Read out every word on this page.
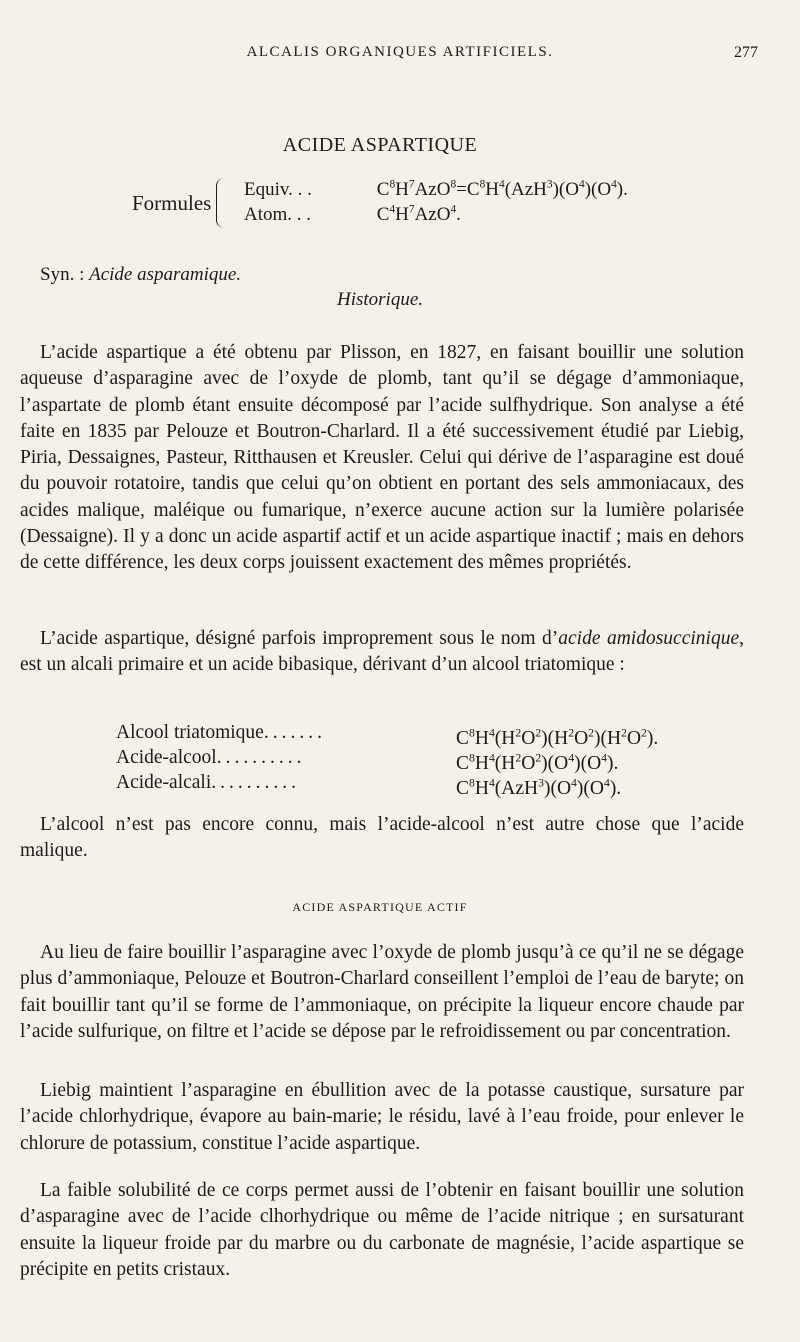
ALCALIS ORGANIQUES ARTIFICIELS.	277
ACIDE ASPARTIQUE
Formules
Equiv. . .	$C^8H^7AzO^8=C^8H^4(AzH^3)(O^4)(O^4)$.
Atom. . .	$C^4H^7AzO^4$.
Syn. : Acide asparamique.
Historique.

L’acide aspartique a été obtenu par Plisson, en 1827, en faisant bouillir une solution aqueuse d’asparagine avec de l’oxyde de plomb, tant qu’il se dégage d’ammoniaque, l’aspartate de plomb étant ensuite décomposé par l’acide sulfhydrique. Son analyse a été faite en 1835 par Pelouze et Boutron-Charlard. Il a été successivement étudié par Liebig, Piria, Dessaignes, Pasteur, Ritthausen et Kreusler. Celui qui dérive de l’asparagine est doué du pouvoir rotatoire, tandis que celui qu’on obtient en portant des sels ammoniacaux, des acides malique, maléique ou fumarique, n’exerce aucune action sur la lumière polarisée (Dessaigne). Il y a donc un acide aspartif actif et un acide aspartique inactif ; mais en dehors de cette différence, les deux corps jouissent exactement des mêmes propriétés.

L’acide aspartique, désigné parfois improprement sous le nom d’acide amidosuccinique, est un alcali primaire et un acide bibasique, dérivant d’un alcool triatomique :

Alcool triatomique.......	$C^8H^4(H^2O^2)(H^2O^2)(H^2O^2)$.
Acide-alcool..........	$C^8H^4(H^2O^2)(O^4)(O^4)$.
Acide-alcali..........	$C^8H^4(AzH^3)(O^4)(O^4)$.

L’alcool n’est pas encore connu, mais l’acide-alcool n’est autre chose que l’acide malique.

ACIDE ASPARTIQUE ACTIF

Au lieu de faire bouillir l’asparagine avec l’oxyde de plomb jusqu’à ce qu’il ne se dégage plus d’ammoniaque, Pelouze et Boutron-Charlard conseillent l’emploi de l’eau de baryte; on fait bouillir tant qu’il se forme de l’ammoniaque, on précipite la liqueur encore chaude par l’acide sulfurique, on filtre et l’acide se dépose par le refroidissement ou par concentration.

Liebig maintient l’asparagine en ébullition avec de la potasse caustique, sursature par l’acide chlorhydrique, évapore au bain-marie; le résidu, lavé à l’eau froide, pour enlever le chlorure de potassium, constitue l’acide aspartique.

La faible solubilité de ce corps permet aussi de l’obtenir en faisant bouillir une solution d’asparagine avec de l’acide clhorhydrique ou même de l’acide nitrique ; en sursaturant ensuite la liqueur froide par du marbre ou du carbonate de magnésie, l’acide aspartique se précipite en petits cristaux.
